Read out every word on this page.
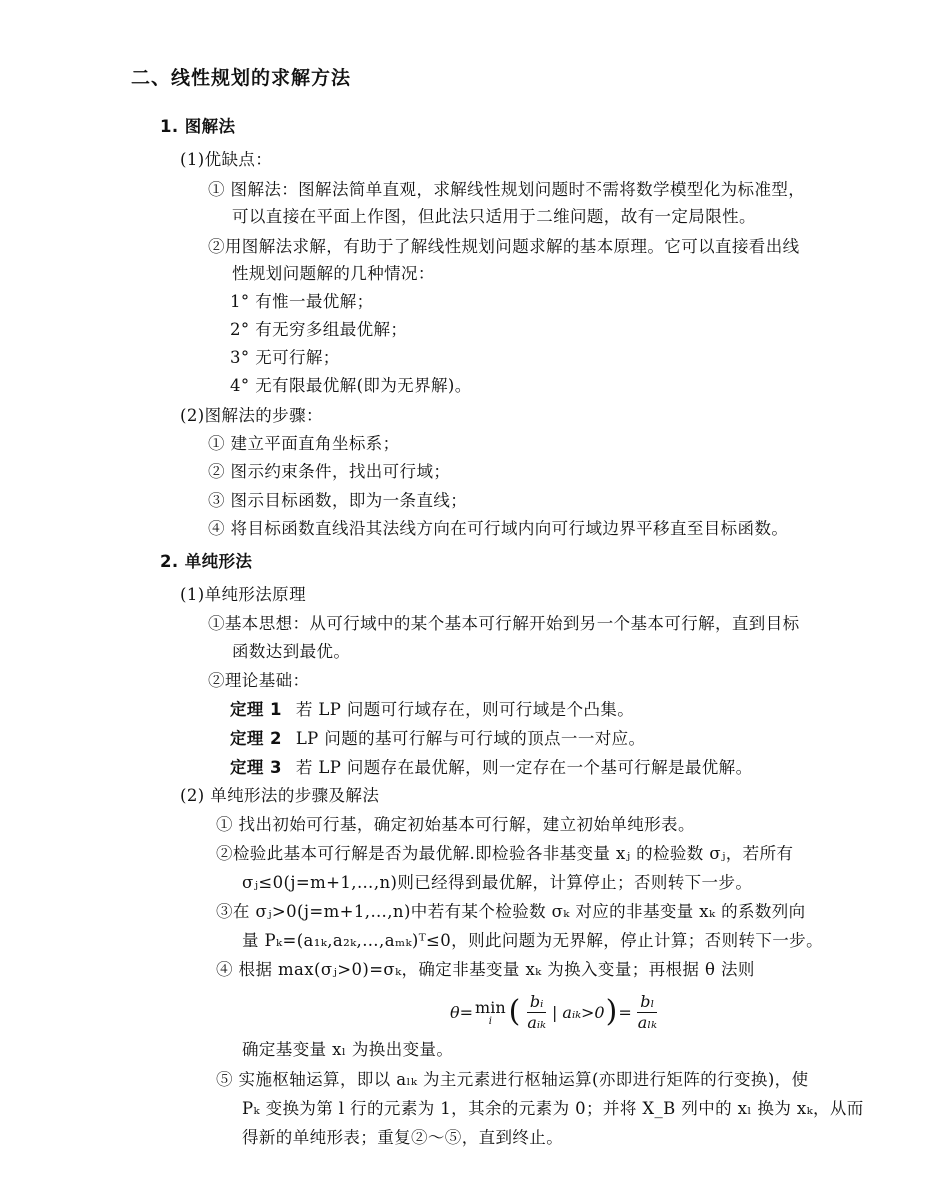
二、线性规划的求解方法
1. 图解法
(1)优缺点：
① 图解法：图解法简单直观，求解线性规划问题时不需将数学模型化为标准型，
可以直接在平面上作图，但此法只适用于二维问题，故有一定局限性。
②用图解法求解，有助于了解线性规划问题求解的基本原理。它可以直接看出线
性规划问题解的几种情况：
1° 有惟一最优解；
2° 有无穷多组最优解；
3° 无可行解；
4° 无有限最优解(即为无界解)。
(2)图解法的步骤：
① 建立平面直角坐标系；
② 图示约束条件，找出可行域；
③ 图示目标函数，即为一条直线；
④ 将目标函数直线沿其法线方向在可行域内向可行域边界平移直至目标函数。
2. 单纯形法
(1)单纯形法原理
①基本思想：从可行域中的某个基本可行解开始到另一个基本可行解，直到目标
函数达到最优。
②理论基础：
定理 1 若 LP 问题可行域存在，则可行域是个凸集。
定理 2 LP 问题的基可行解与可行域的顶点一一对应。
定理 3 若 LP 问题存在最优解，则一定存在一个基可行解是最优解。
(2) 单纯形法的步骤及解法
① 找出初始可行基，确定初始基本可行解，建立初始单纯形表。
②检验此基本可行解是否为最优解.即检验各非基变量 xⱼ 的检验数 σⱼ，若所有
σⱼ≤0(j=m+1,…,n)则已经得到最优解，计算停止；否则转下一步。
③在 σⱼ>0(j=m+1,…,n)中若有某个检验数 σₖ 对应的非基变量 xₖ 的系数列向
量 Pₖ=(a₁ₖ,a₂ₖ,…,aₘₖ)ᵀ≤0，则此问题为无界解，停止计算；否则转下一步。
④ 根据 max(σⱼ>0)=σₖ，确定非基变量 xₖ 为换入变量；再根据 θ 法则
θ= min
i ( $\frac{\text{bᵢ}}{\text{aᵢₖ}}$ | aᵢₖ>0 ) = $\frac{\text{bₗ}}{\text{aₗₖ}}$
确定基变量 xₗ 为换出变量。
⑤ 实施枢轴运算，即以 aₗₖ 为主元素进行枢轴运算(亦即进行矩阵的行变换)，使
Pₖ 变换为第 l 行的元素为 1，其余的元素为 0；并将 X_B 列中的 xₗ 换为 xₖ，从而
得新的单纯形表；重复②～⑤，直到终止。
